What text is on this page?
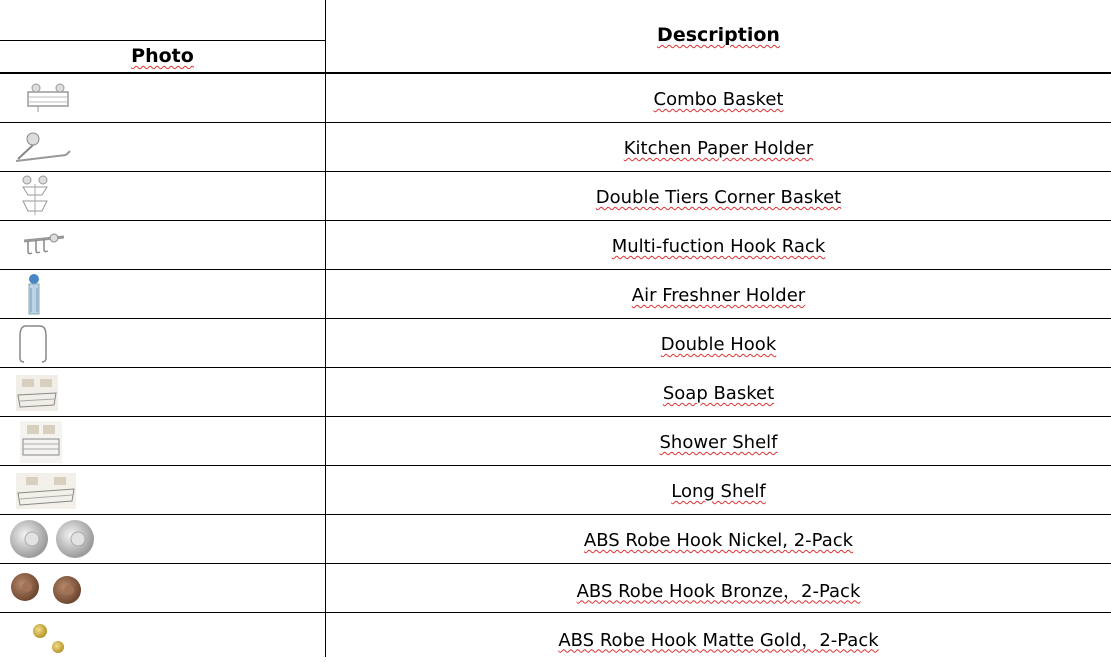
Photo
Description
Combo Basket
Kitchen Paper Holder
Double Tiers Corner Basket
Multi-fuction Hook Rack
Air Freshner Holder
Double Hook
Soap Basket
Shower Shelf
Long Shelf
ABS Robe Hook Nickel, 2-Pack
ABS Robe Hook Bronze，2-Pack
ABS Robe Hook Matte Gold，2-Pack
